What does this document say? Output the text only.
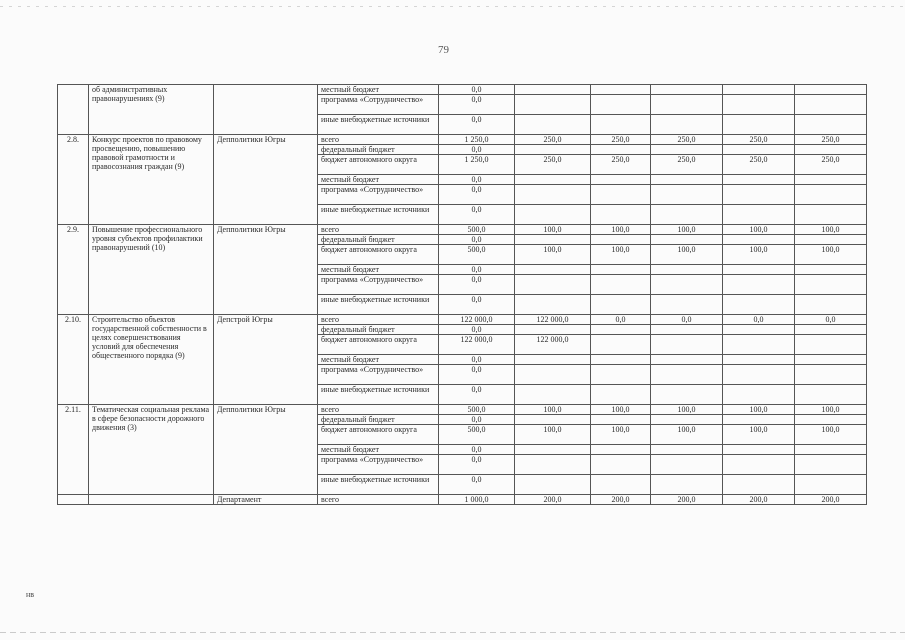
79
	об административных правонарушениях (9)		местный бюджет	0,0					
			программа «Сотрудничество»	0,0					
			иные внебюджетные источники	0,0					
2.8.	Конкурс проектов по правовому просвещению, повышению правовой грамотности и правосознания граждан (9)	Депполитики Югры	всего	1 250,0	250,0	250,0	250,0	250,0	250,0
			федеральный бюджет	0,0					
			бюджет автономного округа	1 250,0	250,0	250,0	250,0	250,0	250,0
			местный бюджет	0,0					
			программа «Сотрудничество»	0,0					
			иные внебюджетные источники	0,0					
2.9.	Повышение профессионального уровня субъектов профилактики правонарушений (10)	Депполитики Югры	всего	500,0	100,0	100,0	100,0	100,0	100,0
			федеральный бюджет	0,0					
			бюджет автономного округа	500,0	100,0	100,0	100,0	100,0	100,0
			местный бюджет	0,0					
			программа «Сотрудничество»	0,0					
			иные внебюджетные источники	0,0					
2.10.	Строительство объектов государственной собственности в целях совершенствования условий для обеспечения общественного порядка (9)	Депстрой Югры	всего	122 000,0	122 000,0	0,0	0,0	0,0	0,0
			федеральный бюджет	0,0					
			бюджет автономного округа	122 000,0	122 000,0				
			местный бюджет	0,0					
			программа «Сотрудничество»	0,0					
			иные внебюджетные источники	0,0					
2.11.	Тематическая социальная реклама в сфере безопасности дорожного движения (3)	Депполитики Югры	всего	500,0	100,0	100,0	100,0	100,0	100,0
			федеральный бюджет	0,0					
			бюджет автономного округа	500,0	100,0	100,0	100,0	100,0	100,0
			местный бюджет	0,0					
			программа «Сотрудничество»	0,0					
			иные внебюджетные источники	0,0					
		Департамент	всего	1 000,0	200,0	200,0	200,0	200,0	200,0
нв
